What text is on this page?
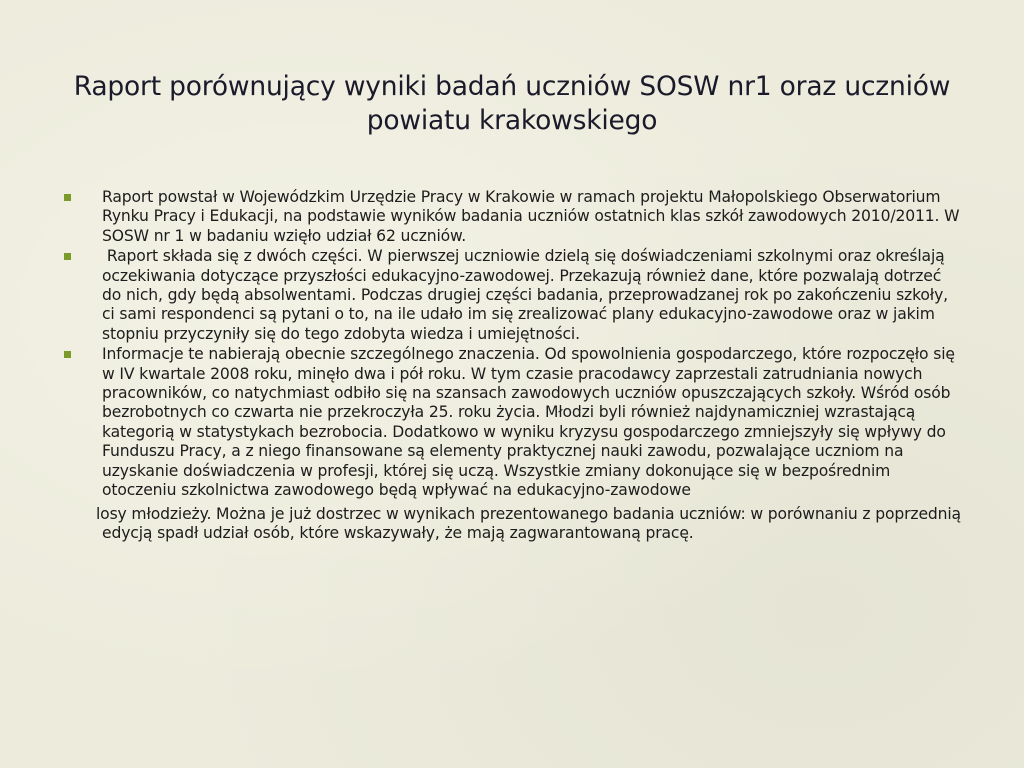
Raport porównujący wyniki badań uczniów SOSW nr1 oraz uczniów powiatu krakowskiego
Raport powstał w Wojewódzkim Urzędzie Pracy w Krakowie w ramach projektu Małopolskiego Obserwatorium Rynku Pracy i Edukacji, na podstawie wyników badania uczniów ostatnich klas szkół zawodowych 2010/2011. W SOSW nr 1 w badaniu wzięło udział 62 uczniów.
Raport składa się z dwóch części. W pierwszej uczniowie dzielą się doświadczeniami szkolnymi oraz określają oczekiwania dotyczące przyszłości edukacyjno-zawodowej. Przekazują również dane, które pozwalają dotrzeć do nich, gdy będą absolwentami. Podczas drugiej części badania, przeprowadzanej rok po zakończeniu szkoły, ci sami respondenci są pytani o to, na ile udało im się zrealizować plany edukacyjno-zawodowe oraz w jakim stopniu przyczyniły się do tego zdobyta wiedza i umiejętności.
Informacje te nabierają obecnie szczególnego znaczenia. Od spowolnienia gospodarczego, które rozpoczęło się w IV kwartale 2008 roku, minęło dwa i pół roku. W tym czasie pracodawcy zaprzestali zatrudniania nowych pracowników, co natychmiast odbiło się na szansach zawodowych uczniów opuszczających szkoły. Wśród osób bezrobotnych co czwarta nie przekroczyła 25. roku życia. Młodzi byli również najdynamiczniej wzrastającą kategorią w statystykach bezrobocia. Dodatkowo w wyniku kryzysu gospodarczego zmniejszyły się wpływy do Funduszu Pracy, a z niego finansowane są elementy praktycznej nauki zawodu, pozwalające uczniom na uzyskanie doświadczenia w profesji, której się uczą. Wszystkie zmiany dokonujące się w bezpośrednim otoczeniu szkolnictwa zawodowego będą wpływać na edukacyjno-zawodowe
losy młodzieży. Można je już dostrzec w wynikach prezentowanego badania uczniów: w porównaniu z poprzednią edycją spadł udział osób, które wskazywały, że mają zagwarantowaną pracę.
